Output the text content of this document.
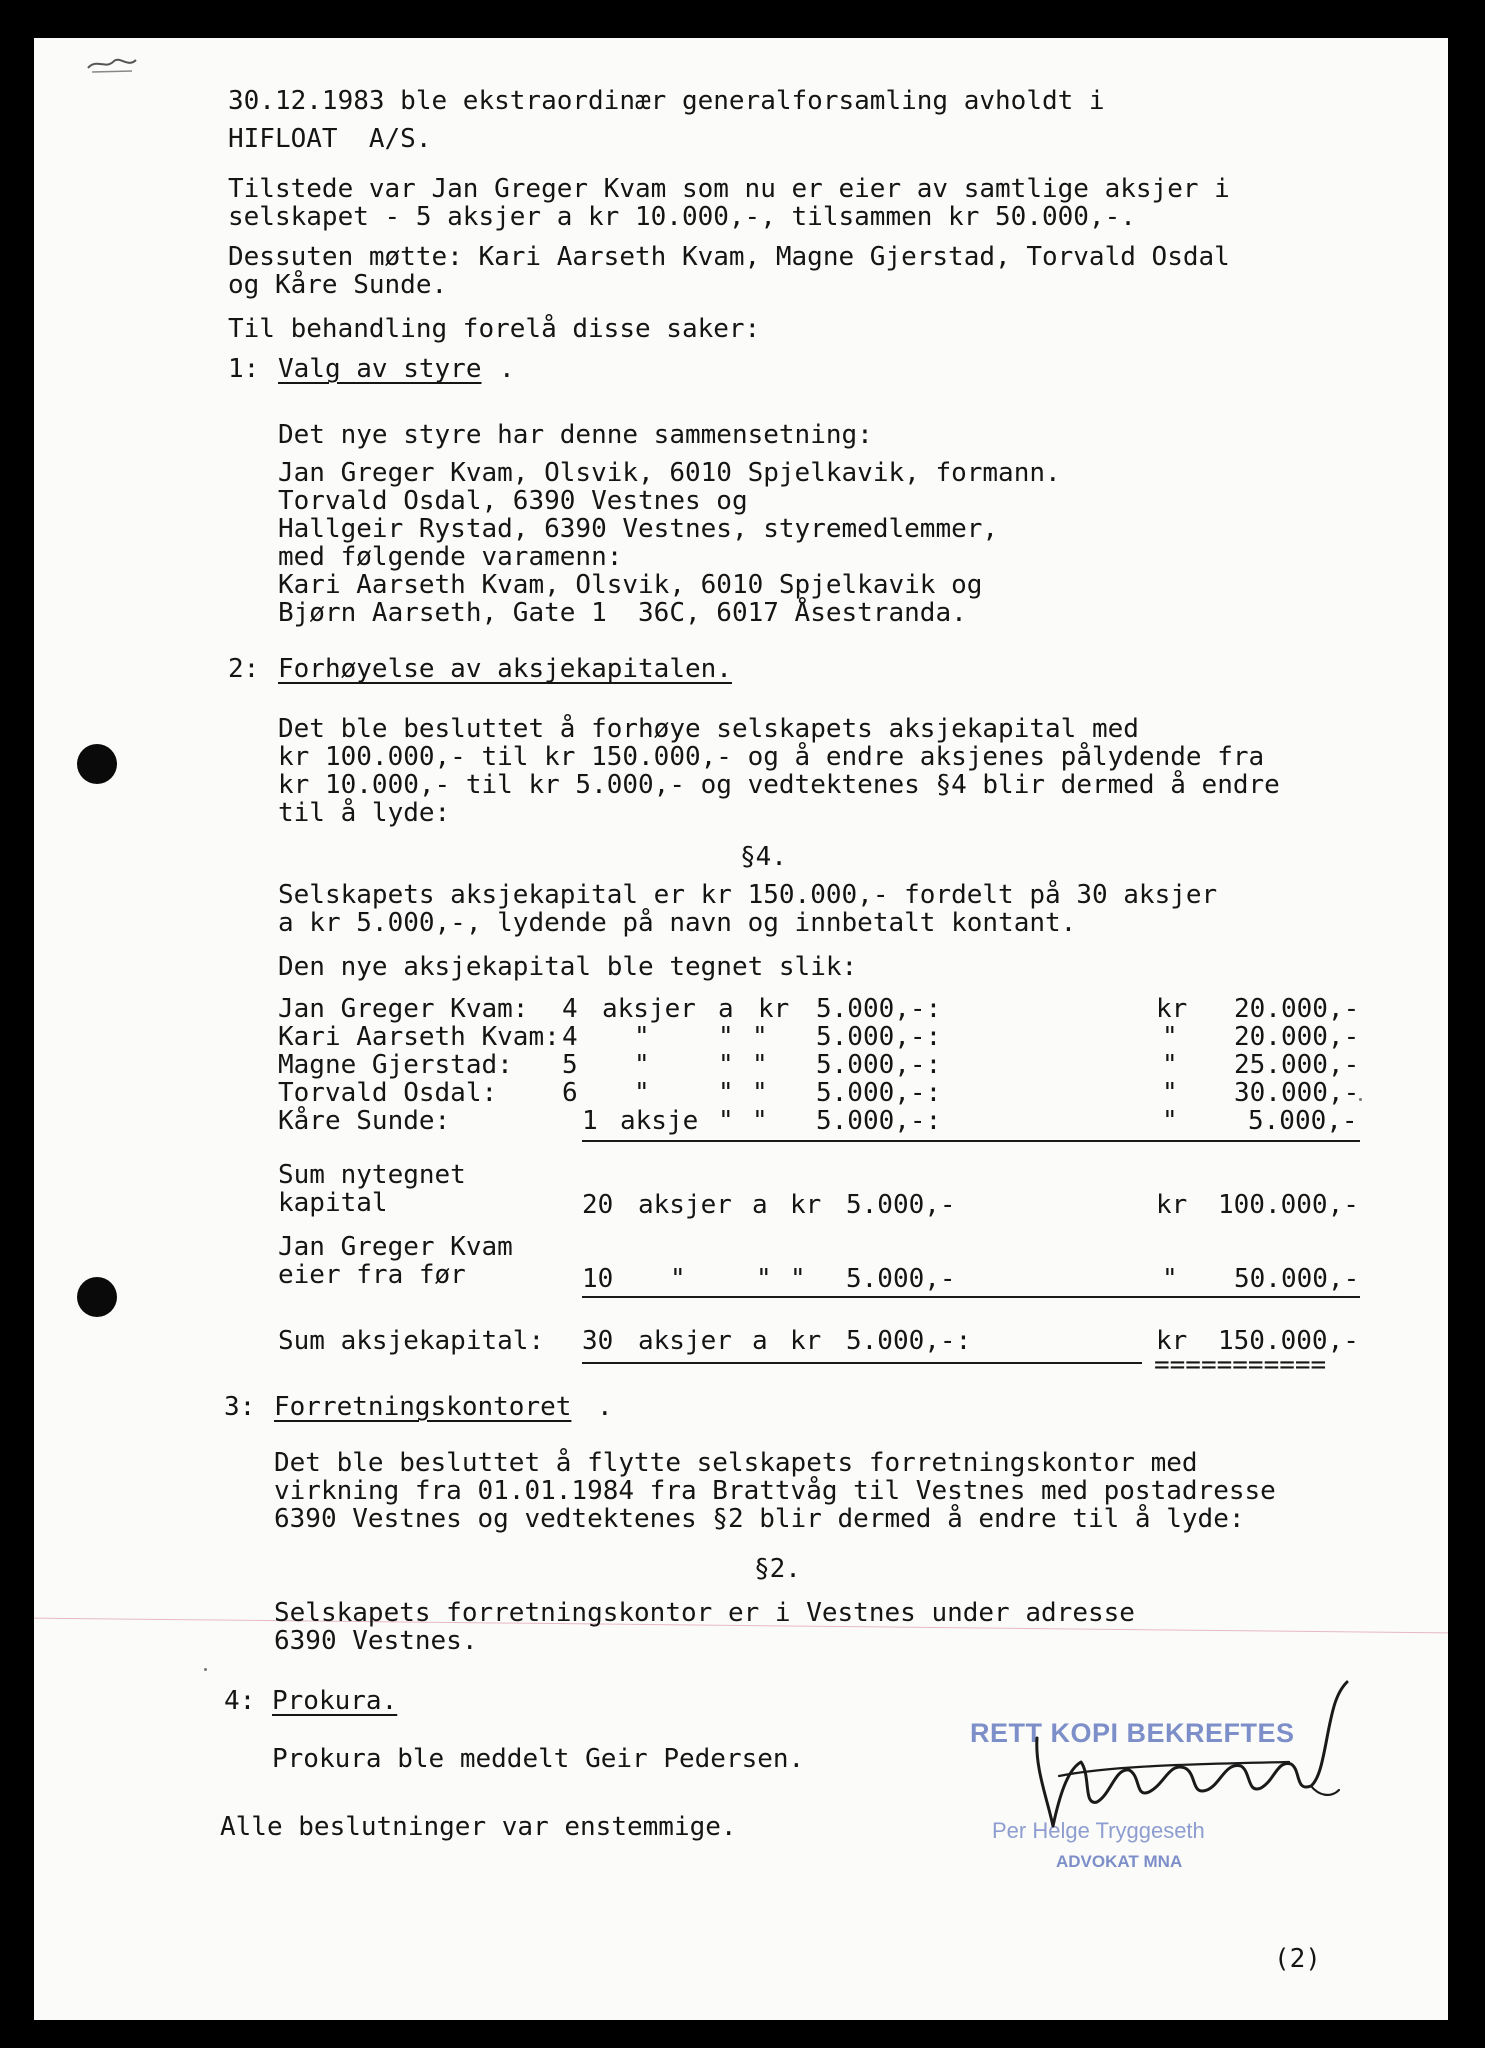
30.12.1983 ble ekstraordinær generalforsamling avholdt i
HIFLOAT  A/S.
Tilstede var Jan Greger Kvam som nu er eier av samtlige aksjer i
selskapet - 5 aksjer a kr 10.000,-, tilsammen kr 50.000,-.
Dessuten møtte: Kari Aarseth Kvam, Magne Gjerstad, Torvald Osdal
og Kåre Sunde.
Til behandling forelå disse saker:
1: Valg av styre .
Det nye styre har denne sammensetning:
Jan Greger Kvam, Olsvik, 6010 Spjelkavik, formann.
Torvald Osdal, 6390 Vestnes og
Hallgeir Rystad, 6390 Vestnes, styremedlemmer,
med følgende varamenn:
Kari Aarseth Kvam, Olsvik, 6010 Spjelkavik og
Bjørn Aarseth, Gate 1  36C, 6017 Åsestranda.
2: Forhøyelse av aksjekapitalen.
Det ble besluttet å forhøye selskapets aksjekapital med
kr 100.000,- til kr 150.000,- og å endre aksjenes pålydende fra
kr 10.000,- til kr 5.000,- og vedtektenes §4 blir dermed å endre
til å lyde:
§4.
Selskapets aksjekapital er kr 150.000,- fordelt på 30 aksjer
a kr 5.000,-, lydende på navn og innbetalt kontant.
Den nye aksjekapital ble tegnet slik:
Jan Greger Kvam: 4 aksjer a kr 5.000,-:	kr 20.000,-
Kari Aarseth Kvam: 4 "	" " 5.000,-:	" 20.000,-
Magne Gjerstad: 5 "	" " 5.000,-:	" 25.000,-
Torvald Osdal: 6 "	" " 5.000,-:	" 30.000,-
Kåre Sunde:	1 aksje " " 5.000,-:	"	5.000,-
Sum nytegnet
kapital	20 aksjer a kr 5.000,-	kr 100.000,-
Jan Greger Kvam
eier fra før	10 "	" " 5.000,-	" 50.000,-
Sum aksjekapital: 30 aksjer a kr 5.000,-:	kr 150.000,-
===========
3: Forretningskontoret .
Det ble besluttet å flytte selskapets forretningskontor med
virkning fra 01.01.1984 fra Brattvåg til Vestnes med postadresse
6390 Vestnes og vedtektenes §2 blir dermed å endre til å lyde:
§2.
Selskapets forretningskontor er i Vestnes under adresse
6390 Vestnes.
4: Prokura.
Prokura ble meddelt Geir Pedersen.
Alle beslutninger var enstemmige.
RETT KOPI BEKREFTES
Per Helge Tryggeseth
ADVOKAT MNA
(2)
